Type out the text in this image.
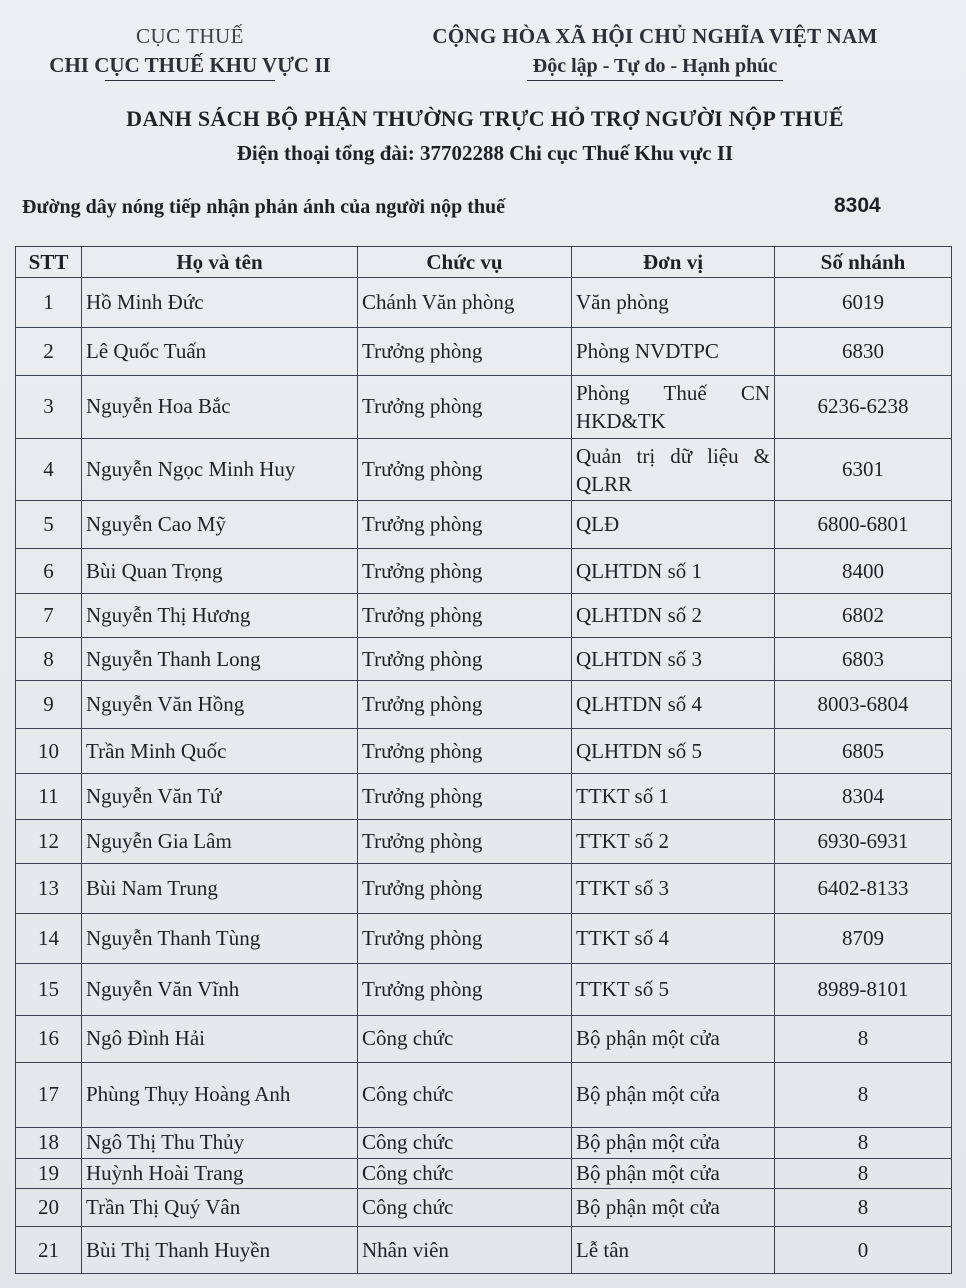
CỤC THUẾ
CHI CỤC THUẾ KHU VỰC II
CỘNG HÒA XÃ HỘI CHỦ NGHĨA VIỆT NAM
Độc lập - Tự do - Hạnh phúc
DANH SÁCH BỘ PHẬN THƯỜNG TRỰC HỎ TRỢ NGƯỜI NỘP THUẾ
Điện thoại tổng đài: 37702288 Chi cục Thuế Khu vực II
Đường dây nóng tiếp nhận phản ánh của người nộp thuế	8304
STT	Họ và tên	Chức vụ	Đơn vị	Số nhánh
1	Hồ Minh Đức	Chánh Văn phòng	Văn phòng	6019
2	Lê Quốc Tuấn	Trưởng phòng	Phòng NVDTPC	6830
3	Nguyễn Hoa Bắc	Trưởng phòng	Phòng Thuế CN HKD&TK	6236-6238
4	Nguyễn Ngọc Minh Huy	Trưởng phòng	Quản trị dữ liệu & QLRR	6301
5	Nguyễn Cao Mỹ	Trưởng phòng	QLĐ	6800-6801
6	Bùi Quan Trọng	Trưởng phòng	QLHTDN số 1	8400
7	Nguyễn Thị Hương	Trưởng phòng	QLHTDN số 2	6802
8	Nguyễn Thanh Long	Trưởng phòng	QLHTDN số 3	6803
9	Nguyễn Văn Hồng	Trưởng phòng	QLHTDN số 4	8003-6804
10	Trần Minh Quốc	Trưởng phòng	QLHTDN số 5	6805
11	Nguyễn Văn Tứ	Trưởng phòng	TTKT số 1	8304
12	Nguyễn Gia Lâm	Trưởng phòng	TTKT số 2	6930-6931
13	Bùi Nam Trung	Trưởng phòng	TTKT số 3	6402-8133
14	Nguyễn Thanh Tùng	Trưởng phòng	TTKT số 4	8709
15	Nguyễn Văn Vĩnh	Trưởng phòng	TTKT số 5	8989-8101
16	Ngô Đình Hải	Công chức	Bộ phận một cửa	8
17	Phùng Thụy Hoàng Anh	Công chức	Bộ phận một cửa	8
18	Ngô Thị Thu Thủy	Công chức	Bộ phận một cửa	8
19	Huỳnh Hoài Trang	Công chức	Bộ phận một cửa	8
20	Trần Thị Quý Vân	Công chức	Bộ phận một cửa	8
21	Bùi Thị Thanh Huyền	Nhân viên	Lễ tân	0
